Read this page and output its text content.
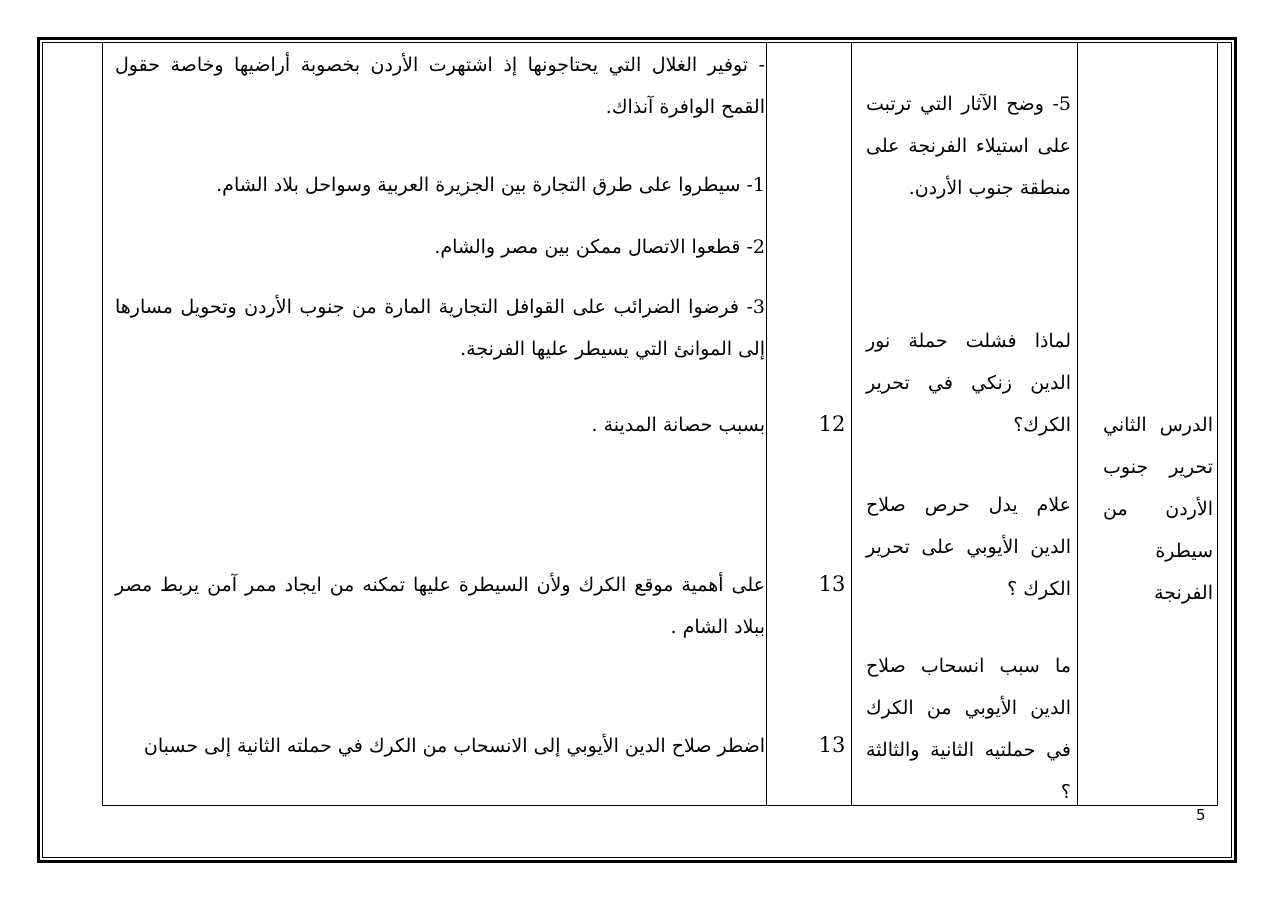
الدرس الثاني تحرير جنوب الأردن من سيطرة الفرنجة
5- وضح الآثار التي ترتبت على استيلاء الفرنجة على منطقة جنوب الأردن.
لماذا فشلت حملة نور الدين زنكي في تحرير الكرك؟
علام يدل حرص صلاح الدين الأيوبي على تحرير الكرك ؟
ما سبب انسحاب صلاح الدين الأيوبي من الكرك في حملتيه الثانية والثالثة ؟
12
13
13
- توفير الغلال التي يحتاجونها إذ اشتهرت الأردن بخصوبة أراضيها وخاصة حقول القمح الوافرة آنذاك.
1- سيطروا على طرق التجارة بين الجزيرة العربية وسواحل بلاد الشام.
2- قطعوا الاتصال ممكن بين مصر والشام.
3- فرضوا الضرائب على القوافل التجارية المارة من جنوب الأردن وتحويل مسارها إلى الموانئ التي يسيطر عليها الفرنجة.
بسبب حصانة المدينة .
على أهمية موقع الكرك ولأن السيطرة عليها تمكنه من ايجاد ممر آمن يربط مصر ببلاد الشام .
اضطر صلاح الدين الأيوبي إلى الانسحاب من الكرك في حملته الثانية إلى حسبان
5
